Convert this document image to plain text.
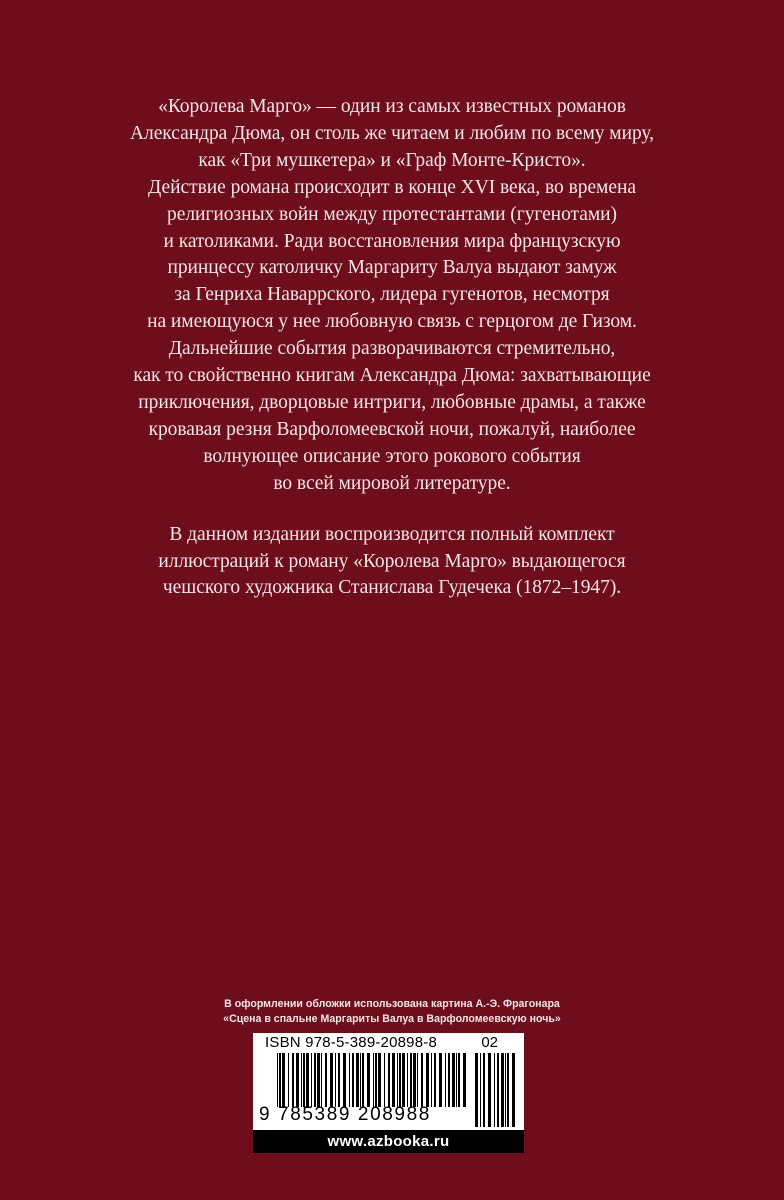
«Королева Марго» — один из самых известных романов
Александра Дюма, он столь же читаем и любим по всему миру,
как «Три мушкетера» и «Граф Монте-Кристо».
Действие романа происходит в конце XVI века, во времена
религиозных войн между протестантами (гугенотами)
и католиками. Ради восстановления мира французскую
принцессу католичку Маргариту Валуа выдают замуж
за Генриха Наваррского, лидера гугенотов, несмотря
на имеющуюся у нее любовную связь с герцогом де Гизом.
Дальнейшие события разворачиваются стремительно,
как то свойственно книгам Александра Дюма: захватывающие
приключения, дворцовые интриги, любовные драмы, а также
кровавая резня Варфоломеевской ночи, пожалуй, наиболее
волнующее описание этого рокового события
во всей мировой литературе.
В данном издании воспроизводится полный комплект
иллюстраций к роману «Королева Марго» выдающегося
чешского художника Станислава Гудечека (1872–1947).
В оформлении обложки использована картина А.-Э. Фрагонара
«Сцена в спальне Маргариты Валуа в Варфоломеевскую ночь»
ISBN 978-5-389-20898-8	02
9 785389 208988
www.azbooka.ru
